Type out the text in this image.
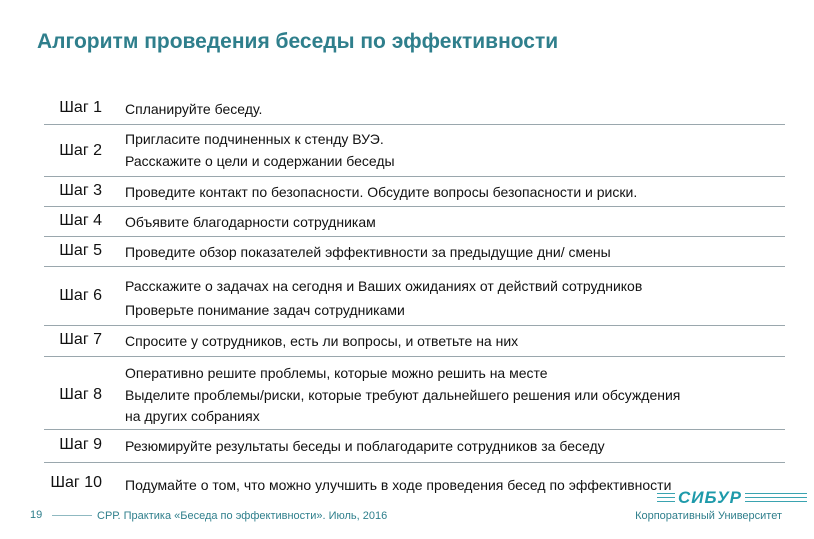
Алгоритм проведения беседы по эффективности
Шаг 1 Спланируйте беседу.
Шаг 2
Пригласите подчиненных к стенду ВУЭ.
Расскажите о цели и содержании беседы
Шаг 3 Проведите контакт по безопасности. Обсудите вопросы безопасности и риски.
Шаг 4 Объявите благодарности сотрудникам
Шаг 5 Проведите обзор показателей эффективности за предыдущие дни/ смены
Шаг 6
Расскажите о задачах на сегодня и Ваших ожиданиях от действий сотрудников
Проверьте понимание задач сотрудниками
Шаг 7 Спросите у сотрудников, есть ли вопросы, и ответьте на них
Шаг 8
Оперативно решите проблемы, которые можно решить на месте
Выделите проблемы/риски, которые требуют дальнейшего решения или обсуждения
на других собраниях
Шаг 9 Резюмируйте результаты беседы и поблагодарите сотрудников за беседу
Шаг 10 Подумайте о том, что можно улучшить в ходе проведения бесед по эффективности
19	СРР. Практика «Беседа по эффективности». Июль, 2016
СИБУР
Корпоративный Университет
